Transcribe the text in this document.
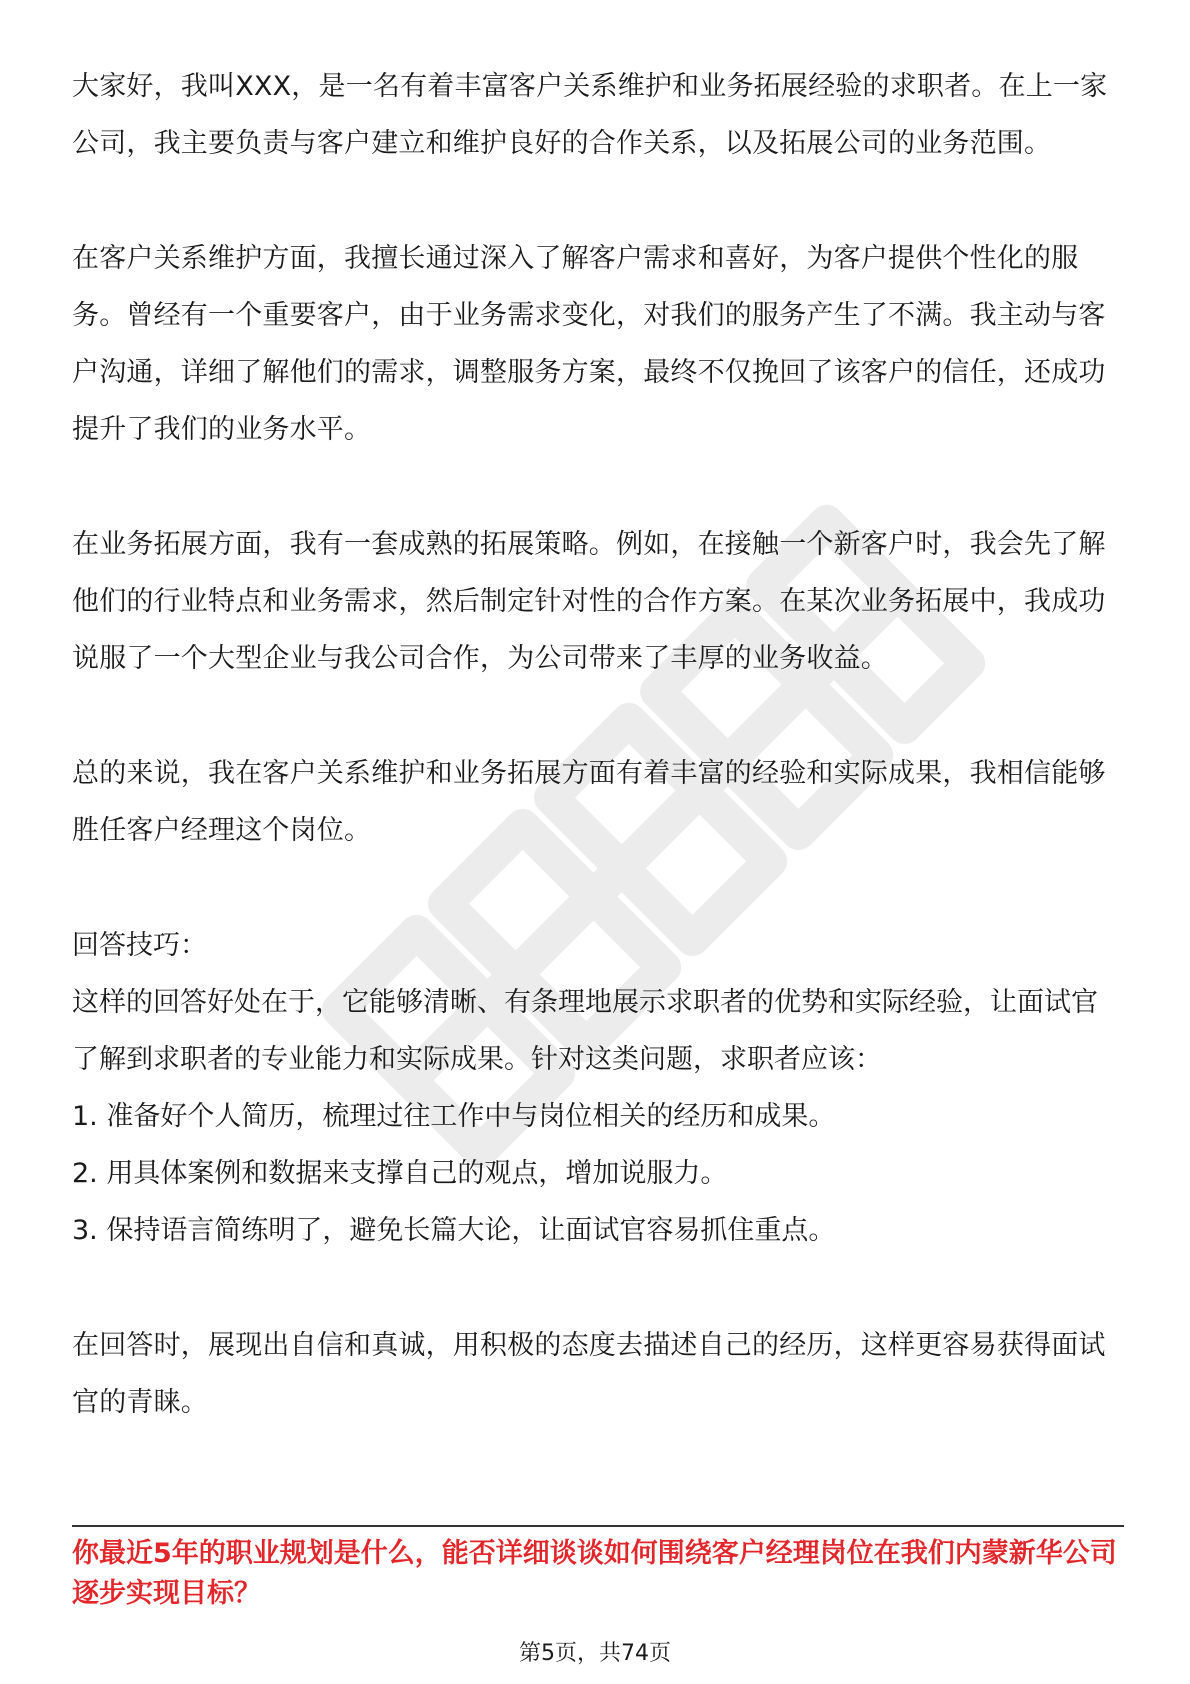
大家好，我叫XXX，是一名有着丰富客户关系维护和业务拓展经验的求职者。在上一家公司，我主要负责与客户建立和维护良好的合作关系，以及拓展公司的业务范围。

在客户关系维护方面，我擅长通过深入了解客户需求和喜好，为客户提供个性化的服务。曾经有一个重要客户，由于业务需求变化，对我们的服务产生了不满。我主动与客户沟通，详细了解他们的需求，调整服务方案，最终不仅挽回了该客户的信任，还成功提升了我们的业务水平。

在业务拓展方面，我有一套成熟的拓展策略。例如，在接触一个新客户时，我会先了解他们的行业特点和业务需求，然后制定针对性的合作方案。在某次业务拓展中，我成功说服了一个大型企业与我公司合作，为公司带来了丰厚的业务收益。

总的来说，我在客户关系维护和业务拓展方面有着丰富的经验和实际成果，我相信能够胜任客户经理这个岗位。

回答技巧：
这样的回答好处在于，它能够清晰、有条理地展示求职者的优势和实际经验，让面试官了解到求职者的专业能力和实际成果。针对这类问题，求职者应该：
1. 准备好个人简历，梳理过往工作中与岗位相关的经历和成果。
2. 用具体案例和数据来支撑自己的观点，增加说服力。
3. 保持语言简练明了，避免长篇大论，让面试官容易抓住重点。

在回答时，展现出自信和真诚，用积极的态度去描述自己的经历，这样更容易获得面试官的青睐。

你最近5年的职业规划是什么，能否详细谈谈如何围绕客户经理岗位在我们内蒙新华公司逐步实现目标？
第5页，共74页
